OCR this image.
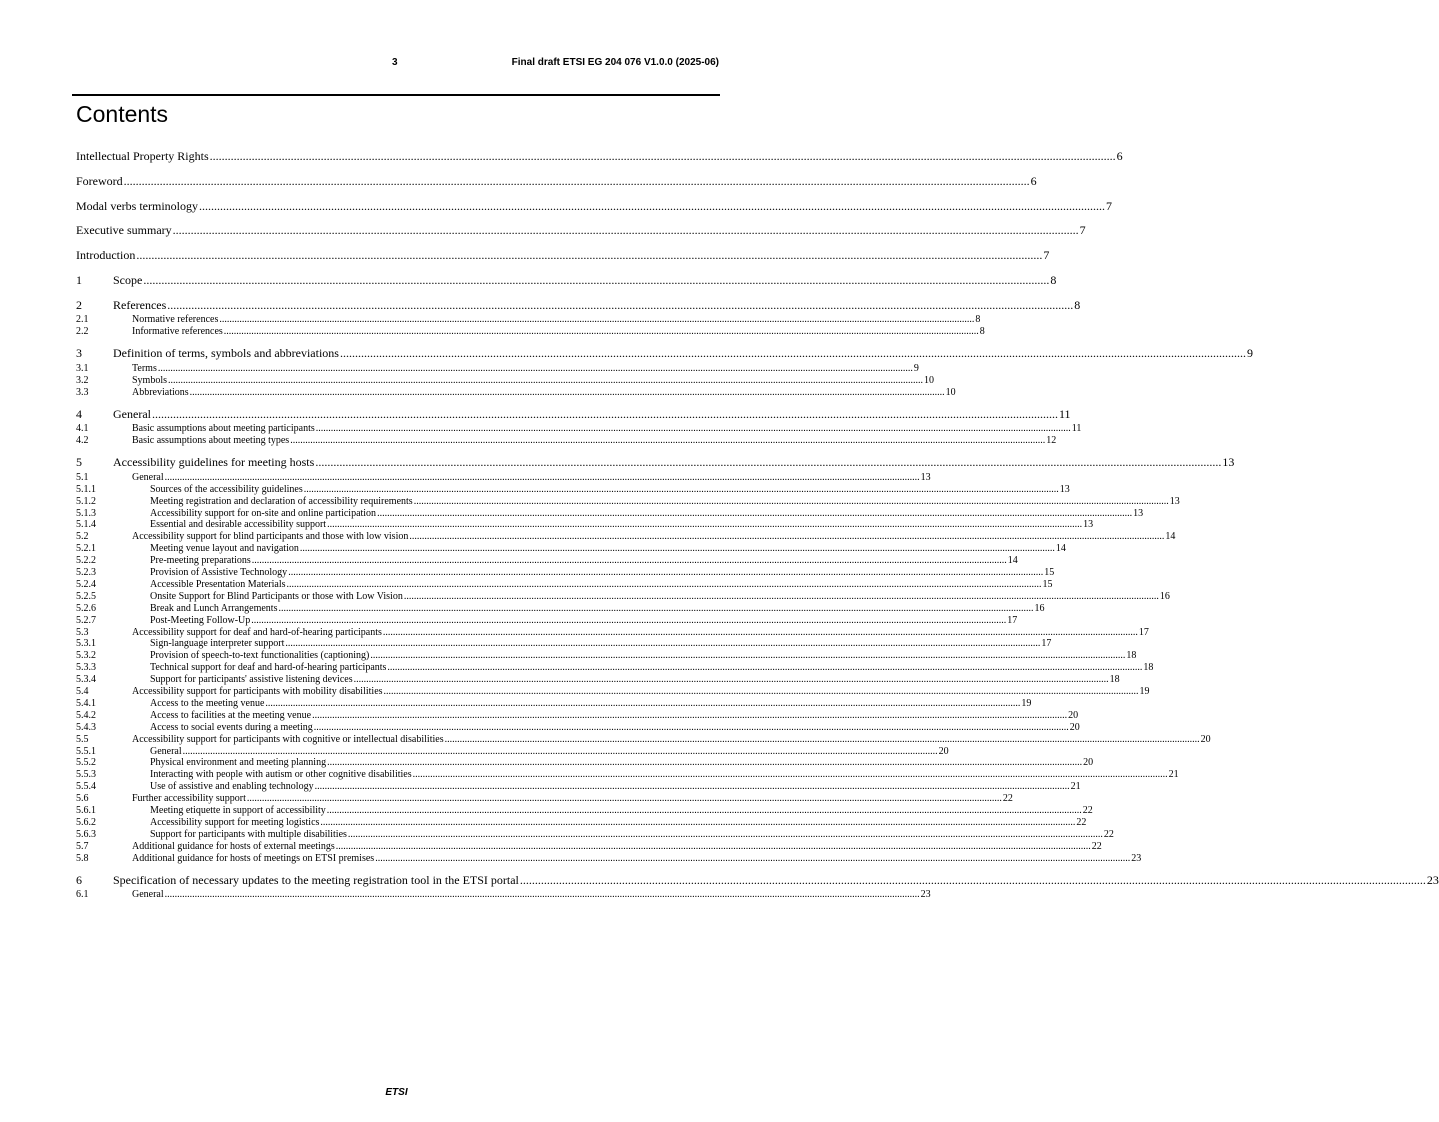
3	Final draft ETSI EG 204 076 V1.0.0 (2025-06)
Contents
Intellectual Property Rights .....	6
Foreword .....	6
Modal verbs terminology .....	7
Executive summary .....	7
Introduction .....	7
1	Scope .....	8
2	References .....	8
2.1	Normative references .....	8
2.2	Informative references .....	8
3	Definition of terms, symbols and abbreviations .....	9
3.1	Terms .....	9
3.2	Symbols .....	10
3.3	Abbreviations .....	10
4	General .....	11
4.1	Basic assumptions about meeting participants .....	11
4.2	Basic assumptions about meeting types .....	12
5	Accessibility guidelines for meeting hosts .....	13
5.1	General .....	13
5.1.1	Sources of the accessibility guidelines .....	13
5.1.2	Meeting registration and declaration of accessibility requirements .....	13
5.1.3	Accessibility support for on-site and online participation .....	13
5.1.4	Essential and desirable accessibility support .....	13
5.2	Accessibility support for blind participants and those with low vision .....	14
5.2.1	Meeting venue layout and navigation .....	14
5.2.2	Pre-meeting preparations .....	14
5.2.3	Provision of Assistive Technology .....	15
5.2.4	Accessible Presentation Materials .....	15
5.2.5	Onsite Support for Blind Participants or those with Low Vision .....	16
5.2.6	Break and Lunch Arrangements .....	16
5.2.7	Post-Meeting Follow-Up .....	17
5.3	Accessibility support for deaf and hard-of-hearing participants .....	17
5.3.1	Sign-language interpreter support .....	17
5.3.2	Provision of speech-to-text functionalities (captioning) .....	18
5.3.3	Technical support for deaf and hard-of-hearing participants .....	18
5.3.4	Support for participants' assistive listening devices .....	18
5.4	Accessibility support for participants with mobility disabilities .....	19
5.4.1	Access to the meeting venue .....	19
5.4.2	Access to facilities at the meeting venue .....	20
5.4.3	Access to social events during a meeting .....	20
5.5	Accessibility support for participants with cognitive or intellectual disabilities .....	20
5.5.1	General .....	20
5.5.2	Physical environment and meeting planning .....	20
5.5.3	Interacting with people with autism or other cognitive disabilities .....	21
5.5.4	Use of assistive and enabling technology .....	21
5.6	Further accessibility support .....	22
5.6.1	Meeting etiquette in support of accessibility .....	22
5.6.2	Accessibility support for meeting logistics .....	22
5.6.3	Support for participants with multiple disabilities .....	22
5.7	Additional guidance for hosts of external meetings .....	22
5.8	Additional guidance for hosts of meetings on ETSI premises .....	23
6	Specification of necessary updates to the meeting registration tool in the ETSI portal .....	23
6.1	General .....	23
ETSI
